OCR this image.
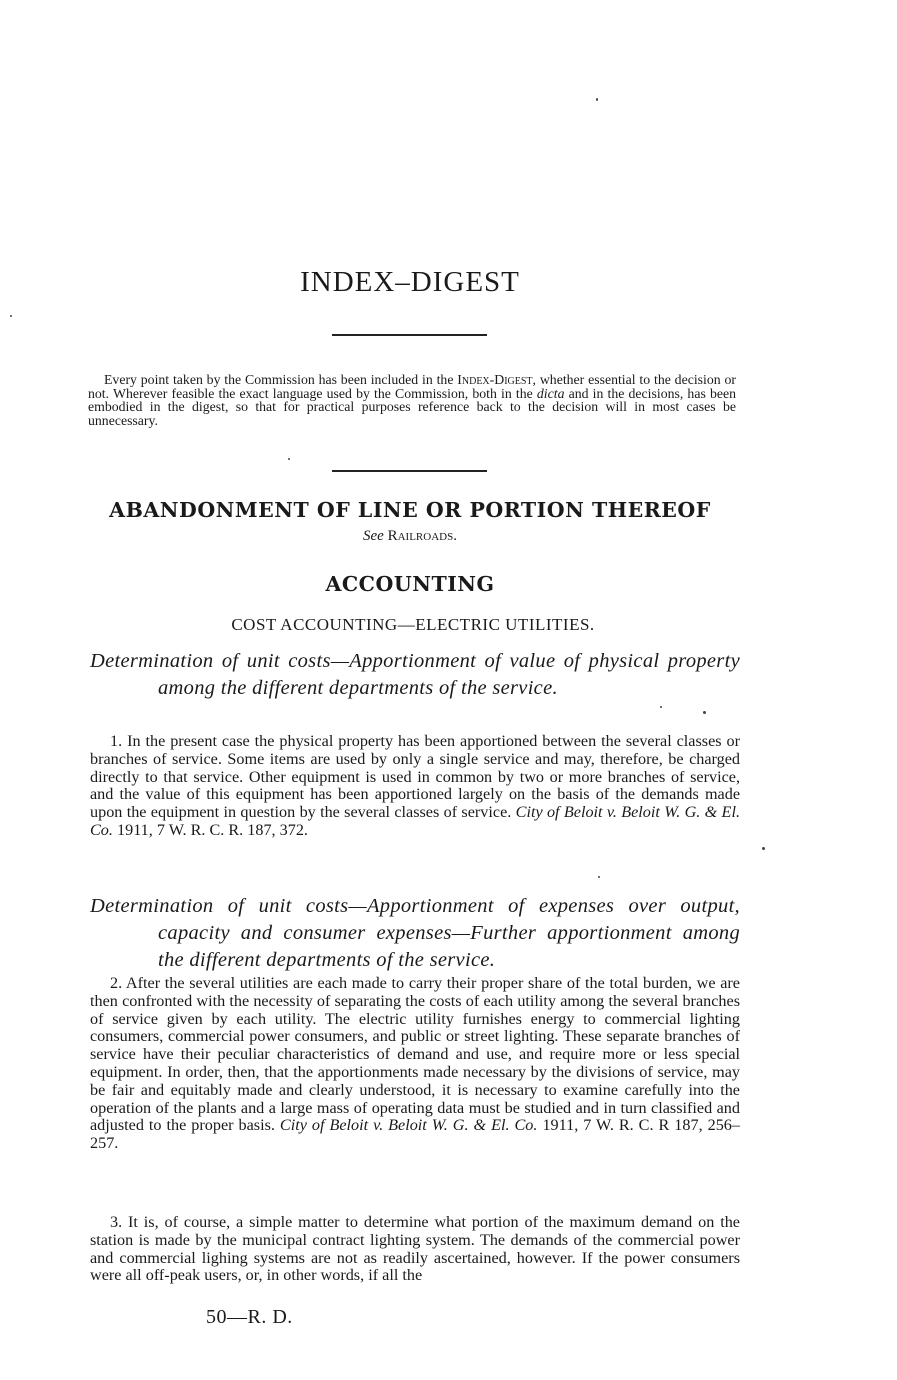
INDEX–DIGEST
Every point taken by the Commission has been included in the Index-Digest, whether essential to the decision or not. Wherever feasible the exact language used by the Commission, both in the dicta and in the decisions, has been embodied in the digest, so that for practical purposes reference back to the decision will in most cases be unnecessary.
ABANDONMENT OF LINE OR PORTION THEREOF
See Railroads.
ACCOUNTING
COST ACCOUNTING—ELECTRIC UTILITIES.
Determination of unit costs—Apportionment of value of physical property among the different departments of the service.
1. In the present case the physical property has been apportioned between the several classes or branches of service. Some items are used by only a single service and may, therefore, be charged directly to that service. Other equipment is used in common by two or more branches of service, and the value of this equipment has been apportioned largely on the basis of the demands made upon the equipment in question by the several classes of service. City of Beloit v. Beloit W. G. & El. Co. 1911, 7 W. R. C. R. 187, 372.
Determination of unit costs—Apportionment of expenses over output, capacity and consumer expenses—Further apportionment among the different departments of the service.
2. After the several utilities are each made to carry their proper share of the total burden, we are then confronted with the necessity of separating the costs of each utility among the several branches of service given by each utility. The electric utility furnishes energy to commercial lighting consumers, commercial power consumers, and public or street lighting. These separate branches of service have their peculiar characteristics of demand and use, and require more or less special equipment. In order, then, that the apportionments made necessary by the divisions of service, may be fair and equitably made and clearly understood, it is necessary to examine carefully into the operation of the plants and a large mass of operating data must be studied and in turn classified and adjusted to the proper basis. City of Beloit v. Beloit W. G. & El. Co. 1911, 7 W. R. C. R 187, 256–257.
3. It is, of course, a simple matter to determine what portion of the maximum demand on the station is made by the municipal contract lighting system. The demands of the commercial power and commercial lighing systems are not as readily ascertained, however. If the power consumers were all off-peak users, or, in other words, if all the
50—R. D.
